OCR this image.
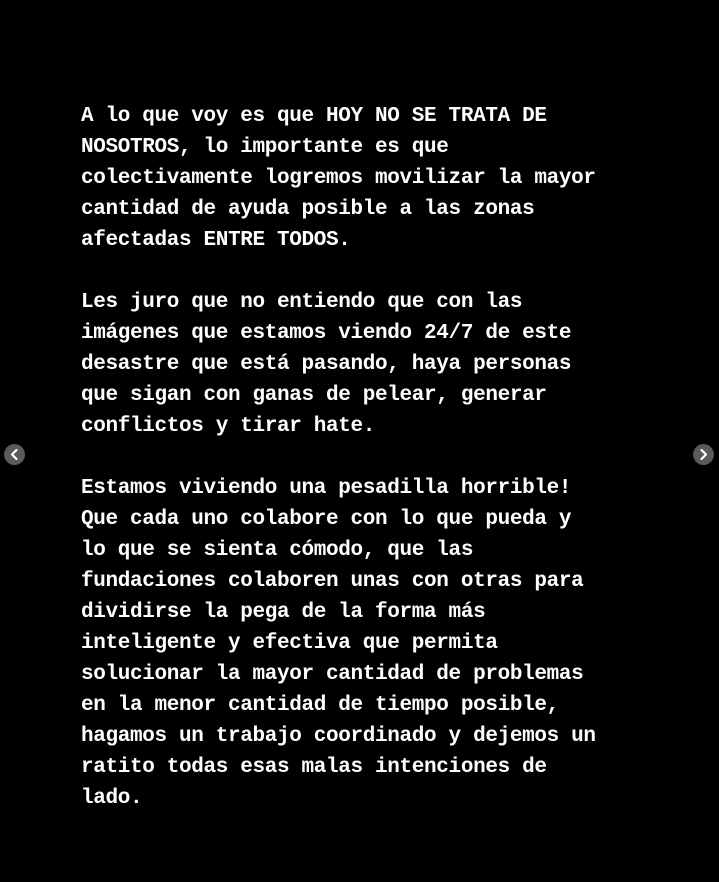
A lo que voy es que HOY NO SE TRATA DE
NOSOTROS, lo importante es que
colectivamente logremos movilizar la mayor
cantidad de ayuda posible a las zonas
afectadas ENTRE TODOS.
Les juro que no entiendo que con las
imágenes que estamos viendo 24/7 de este
desastre que está pasando, haya personas
que sigan con ganas de pelear, generar
conflictos y tirar hate.
Estamos viviendo una pesadilla horrible!
Que cada uno colabore con lo que pueda y
lo que se sienta cómodo, que las
fundaciones colaboren unas con otras para
dividirse la pega de la forma más
inteligente y efectiva que permita
solucionar la mayor cantidad de problemas
en la menor cantidad de tiempo posible,
hagamos un trabajo coordinado y dejemos un
ratito todas esas malas intenciones de
lado.
